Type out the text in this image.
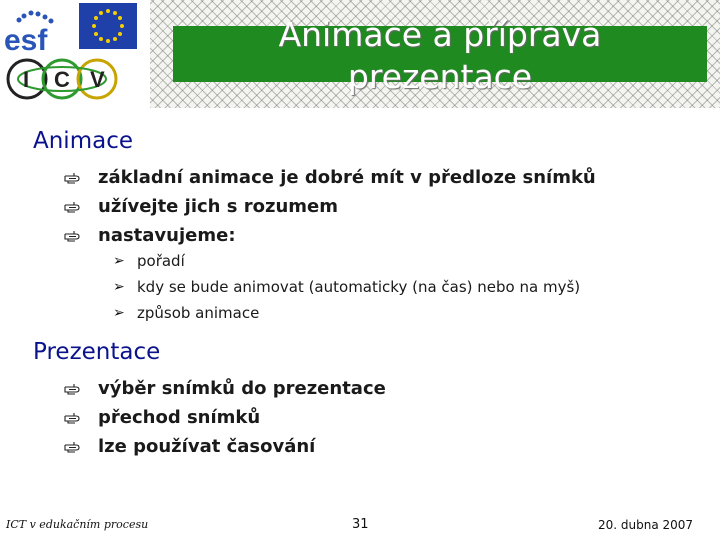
esf
I C V
Animace a příprava
prezentace
Animace
základní animace je dobré mít v předloze snímků
užívejte jich s rozumem
nastavujeme:
➢ pořadí
➢ kdy se bude animovat (automaticky (na čas) nebo na myš)
➢ způsob animace
Prezentace
výběr snímků do prezentace
přechod snímků
lze používat časování
ICT v edukačním procesu	31	20. dubna 2007
